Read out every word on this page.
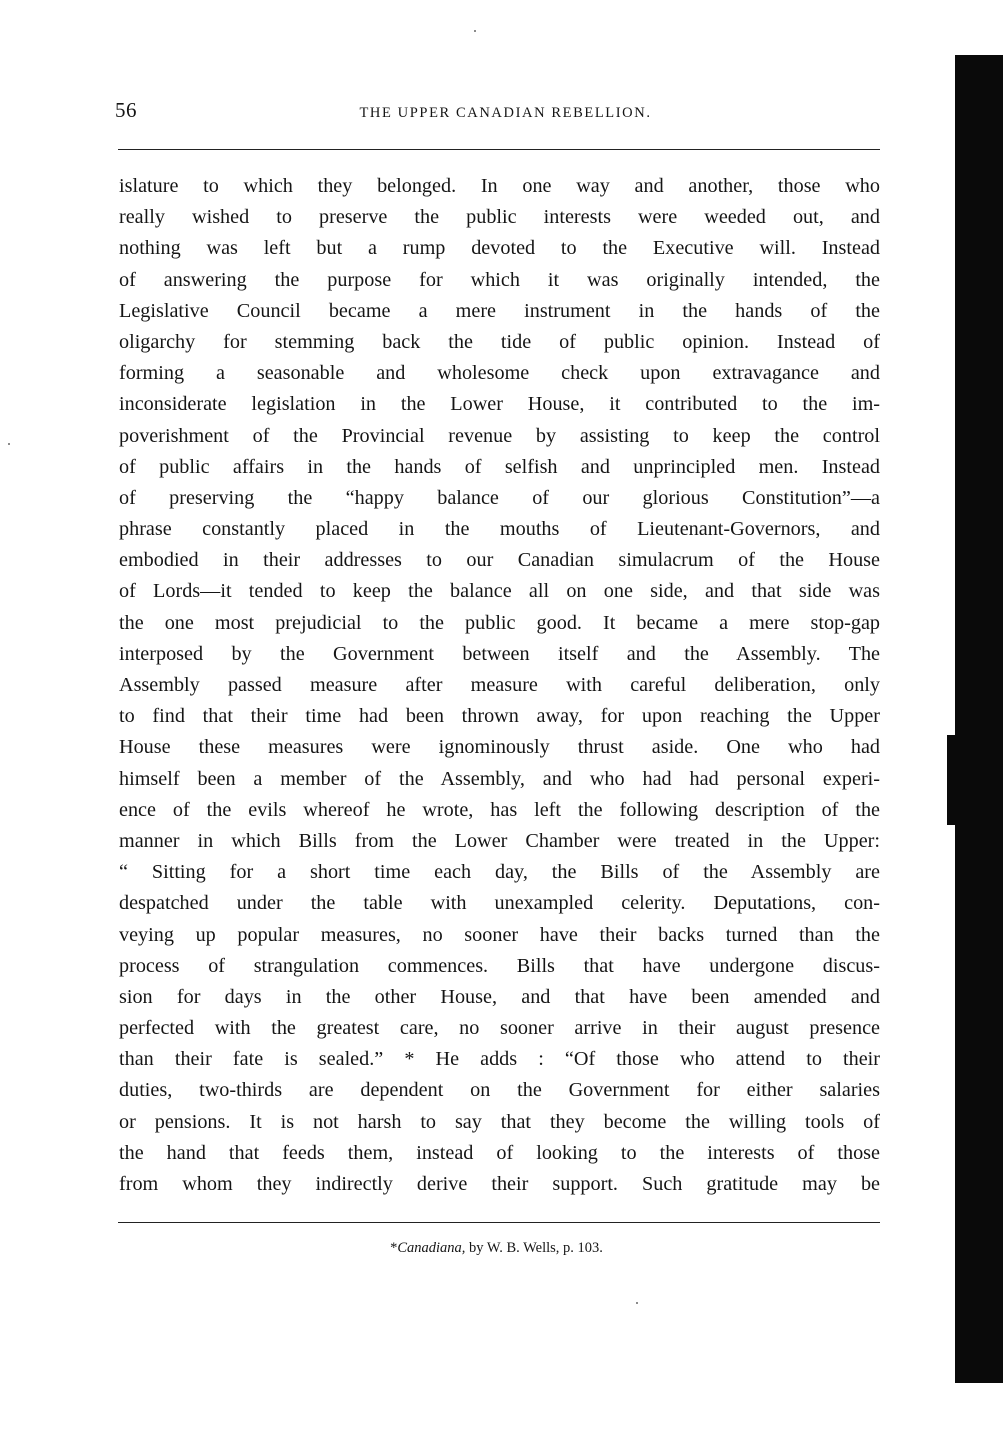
56	THE UPPER CANADIAN REBELLION.
islature to which they belonged. In one way and another, those who
really wished to preserve the public interests were weeded out, and
nothing was left but a rump devoted to the Executive will. Instead
of answering the purpose for which it was originally intended, the
Legislative Council became a mere instrument in the hands of the
oligarchy for stemming back the tide of public opinion. Instead of
forming a seasonable and wholesome check upon extravagance and
inconsiderate legislation in the Lower House, it contributed to the im-
poverishment of the Provincial revenue by assisting to keep the control
of public affairs in the hands of selfish and unprincipled men. Instead
of preserving the “happy balance of our glorious Constitution”—a
phrase constantly placed in the mouths of Lieutenant-Governors, and
embodied in their addresses to our Canadian simulacrum of the House
of Lords—it tended to keep the balance all on one side, and that side was
the one most prejudicial to the public good. It became a mere stop-gap
interposed by the Government between itself and the Assembly. The
Assembly passed measure after measure with careful deliberation, only
to find that their time had been thrown away, for upon reaching the Upper
House these measures were ignominously thrust aside. One who had
himself been a member of the Assembly, and who had had personal experi-
ence of the evils whereof he wrote, has left the following description of the
manner in which Bills from the Lower Chamber were treated in the Upper:
“ Sitting for a short time each day, the Bills of the Assembly are
despatched under the table with unexampled celerity. Deputations, con-
veying up popular measures, no sooner have their backs turned than the
process of strangulation commences. Bills that have undergone discus-
sion for days in the other House, and that have been amended and
perfected with the greatest care, no sooner arrive in their august presence
than their fate is sealed.” * He adds : “Of those who attend to their
duties, two-thirds are dependent on the Government for either salaries
or pensions. It is not harsh to say that they become the willing tools of
the hand that feeds them, instead of looking to the interests of those
from whom they indirectly derive their support. Such gratitude may be
*Canadiana, by W. B. Wells, p. 103.
